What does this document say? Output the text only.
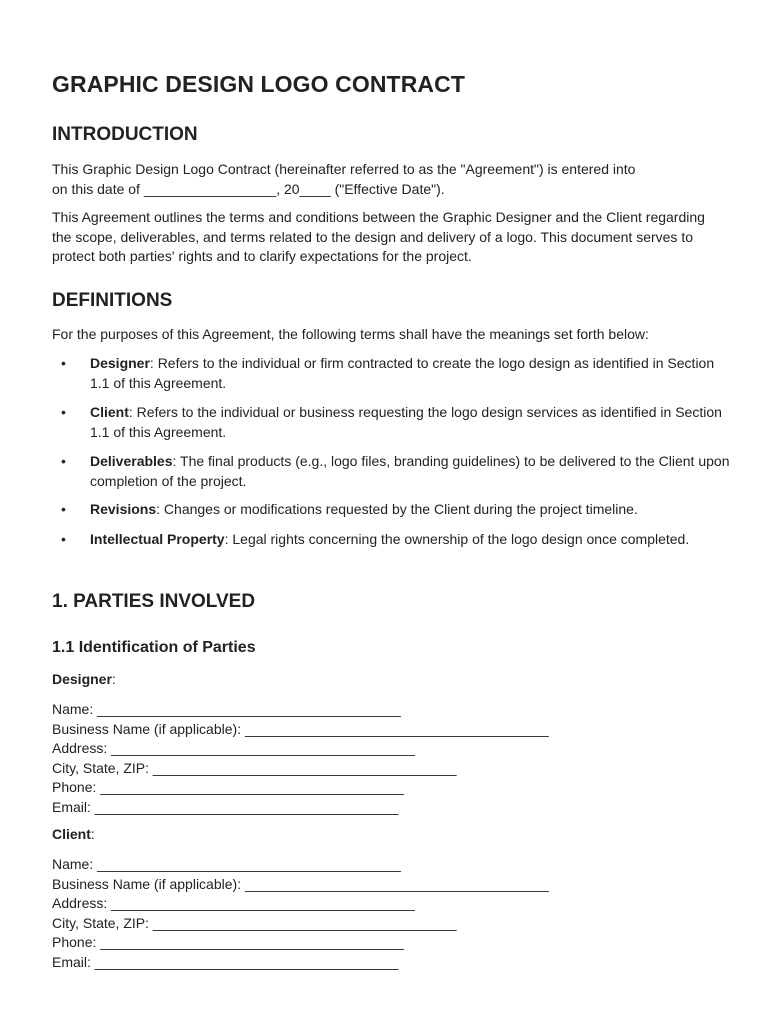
GRAPHIC DESIGN LOGO CONTRACT
INTRODUCTION

This Graphic Design Logo Contract (hereinafter referred to as the "Agreement") is entered into
on this date of _________________, 20____ ("Effective Date").

This Agreement outlines the terms and conditions between the Graphic Designer and the Client regarding the scope, deliverables, and terms related to the design and delivery of a logo. This document serves to protect both parties' rights and to clarify expectations for the project.

DEFINITIONS

For the purposes of this Agreement, the following terms shall have the meanings set forth below:

• Designer: Refers to the individual or firm contracted to create the logo design as identified in Section 1.1 of this Agreement.
• Client: Refers to the individual or business requesting the logo design services as identified in Section 1.1 of this Agreement.
• Deliverables: The final products (e.g., logo files, branding guidelines) to be delivered to the Client upon completion of the project.
• Revisions: Changes or modifications requested by the Client during the project timeline.
• Intellectual Property: Legal rights concerning the ownership of the logo design once completed.
1. PARTIES INVOLVED
1.1 Identification of Parties
Designer:
Name: _______________________________________
Business Name (if applicable): _______________________________________
Address: _______________________________________
City, State, ZIP: _______________________________________
Phone: _______________________________________
Email: _______________________________________
Client:
Name: _______________________________________
Business Name (if applicable): _______________________________________
Address: _______________________________________
City, State, ZIP: _______________________________________
Phone: _______________________________________
Email: _______________________________________
